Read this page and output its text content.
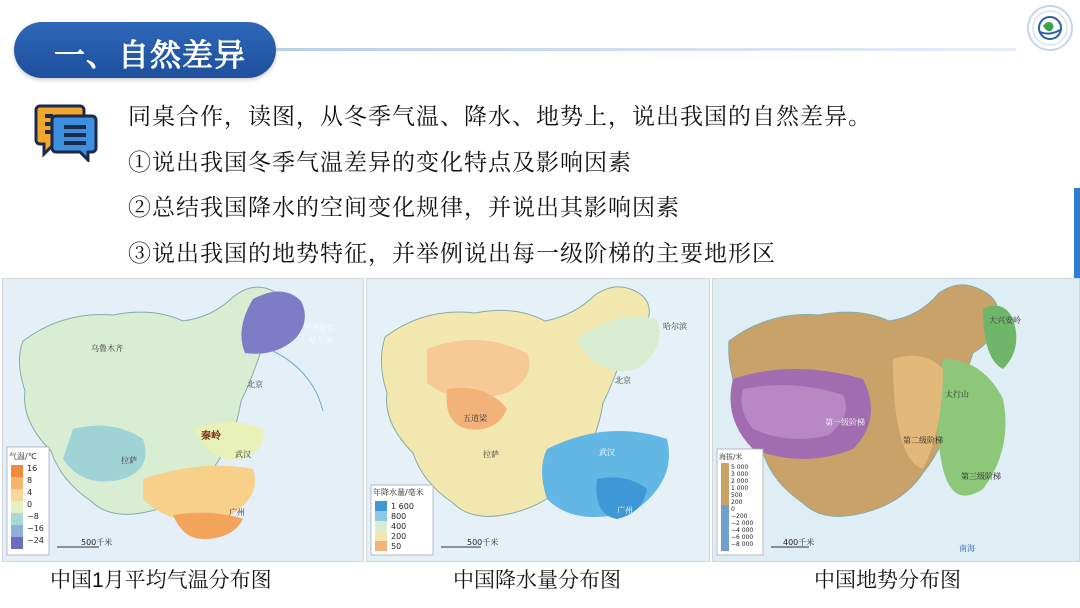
一、自然差异
同桌合作，读图，从冬季气温、降水、地势上，说出我国的自然差异。
①说出我国冬季气温差异的变化特点及影响因素
②总结我国降水的空间变化规律，并说出其影响因素
③说出我国的地势特征，并举例说出每一级阶梯的主要地形区
气温/℃
16
8
4
0
−8
−16
−24	500千米
乌鲁木齐
齐齐哈尔
哈尔滨
北京
秦岭
拉萨
武汉
广州
年降水量/毫米
1 600
800
400
200
50	500千米
哈尔滨
北京
五道梁
拉萨	武汉
广州
海拔/米
5 000
3 000
2 000
1 000
500
200
0
−200
−2 000
−4 000
−6 000
−8 000	400千米
大兴安岭
太行山
第一级阶梯
第二级阶梯
第三级阶梯
南海
中国1月平均气温分布图	中国降水量分布图	中国地势分布图
